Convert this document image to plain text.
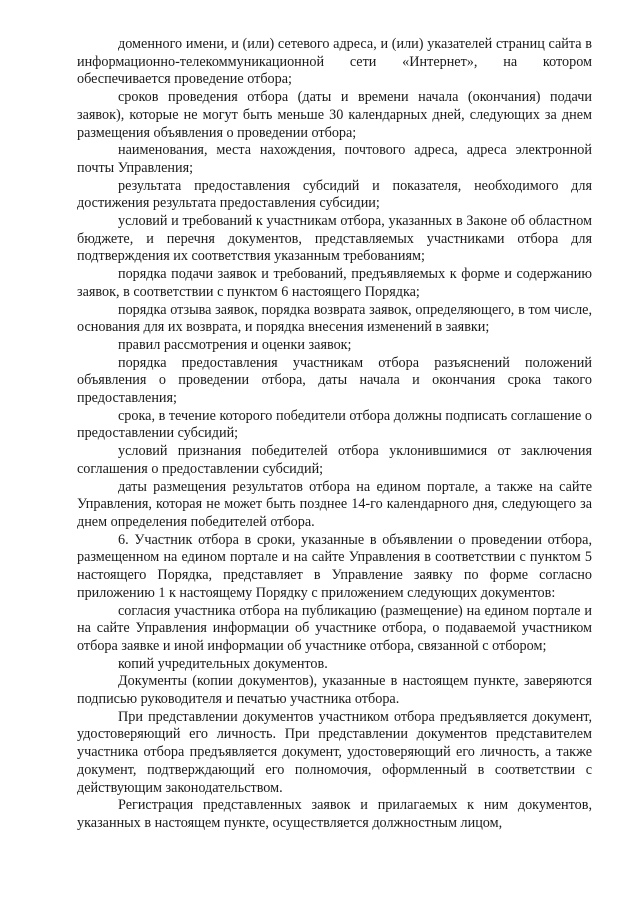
доменного имени, и (или) сетевого адреса, и (или) указателей страниц сайта в информационно-телекоммуникационной сети «Интернет», на котором обеспечивается проведение отбора;

сроков проведения отбора (даты и времени начала (окончания) подачи заявок), которые не могут быть меньше 30 календарных дней, следующих за днем размещения объявления о проведении отбора;

наименования, места нахождения, почтового адреса, адреса электронной почты Управления;

результата предоставления субсидий и показателя, необходимого для достижения результата предоставления субсидии;

условий и требований к участникам отбора, указанных в Законе об областном бюджете, и перечня документов, представляемых участниками отбора для подтверждения их соответствия указанным требованиям;

порядка подачи заявок и требований, предъявляемых к форме и содержанию заявок, в соответствии с пунктом 6 настоящего Порядка;

порядка отзыва заявок, порядка возврата заявок, определяющего, в том числе, основания для их возврата, и порядка внесения изменений в заявки;

правил рассмотрения и оценки заявок;

порядка предоставления участникам отбора разъяснений положений объявления о проведении отбора, даты начала и окончания срока такого предоставления;

срока, в течение которого победители отбора должны подписать соглашение о предоставлении субсидий;

условий признания победителей отбора уклонившимися от заключения соглашения о предоставлении субсидий;

даты размещения результатов отбора на едином портале, а также на сайте Управления, которая не может быть позднее 14-го календарного дня, следующего за днем определения победителей отбора.

6. Участник отбора в сроки, указанные в объявлении о проведении отбора, размещенном на едином портале и на сайте Управления в соответствии с пунктом 5 настоящего Порядка, представляет в Управление заявку по форме согласно приложению 1 к настоящему Порядку с приложением следующих документов:

согласия участника отбора на публикацию (размещение) на едином портале и на сайте Управления информации об участнике отбора, о подаваемой участником отбора заявке и иной информации об участнике отбора, связанной с отбором;

копий учредительных документов.

Документы (копии документов), указанные в настоящем пункте, заверяются подписью руководителя и печатью участника отбора.

При представлении документов участником отбора предъявляется документ, удостоверяющий его личность. При представлении документов представителем участника отбора предъявляется документ, удостоверяющий его личность, а также документ, подтверждающий его полномочия, оформленный в соответствии с действующим законодательством.

Регистрация представленных заявок и прилагаемых к ним документов, указанных в настоящем пункте, осуществляется должностным лицом,
